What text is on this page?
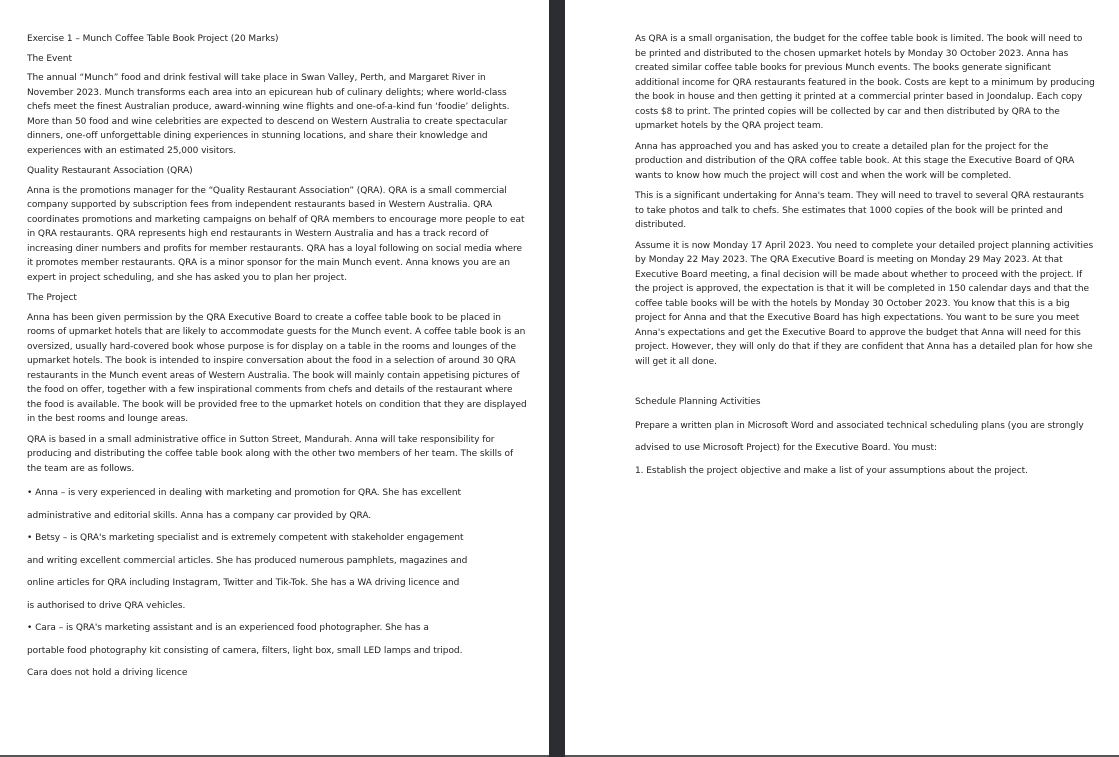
Exercise 1 – Munch Coffee Table Book Project (20 Marks)

The Event

The annual “Munch” food and drink festival will take place in Swan Valley, Perth, and Margaret River in November 2023. Munch transforms each area into an epicurean hub of culinary delights; where world-class chefs meet the finest Australian produce, award-winning wine flights and one-of-a-kind fun ‘foodie’ delights. More than 50 food and wine celebrities are expected to descend on Western Australia to create spectacular dinners, one-off unforgettable dining experiences in stunning locations, and share their knowledge and experiences with an estimated 25,000 visitors.

Quality Restaurant Association (QRA)

Anna is the promotions manager for the “Quality Restaurant Association” (QRA). QRA is a small commercial company supported by subscription fees from independent restaurants based in Western Australia. QRA coordinates promotions and marketing campaigns on behalf of QRA members to encourage more people to eat in QRA restaurants. QRA represents high end restaurants in Western Australia and has a track record of increasing diner numbers and profits for member restaurants. QRA has a loyal following on social media where it promotes member restaurants. QRA is a minor sponsor for the main Munch event. Anna knows you are an expert in project scheduling, and she has asked you to plan her project.

The Project

Anna has been given permission by the QRA Executive Board to create a coffee table book to be placed in rooms of upmarket hotels that are likely to accommodate guests for the Munch event. A coffee table book is an oversized, usually hard-covered book whose purpose is for display on a table in the rooms and lounges of the upmarket hotels. The book is intended to inspire conversation about the food in a selection of around 30 QRA restaurants in the Munch event areas of Western Australia. The book will mainly contain appetising pictures of the food on offer, together with a few inspirational comments from chefs and details of the restaurant where the food is available. The book will be provided free to the upmarket hotels on condition that they are displayed in the best rooms and lounge areas.

QRA is based in a small administrative office in Sutton Street, Mandurah. Anna will take responsibility for producing and distributing the coffee table book along with the other two members of her team. The skills of the team are as follows.

• Anna – is very experienced in dealing with marketing and promotion for QRA. She has excellent

administrative and editorial skills. Anna has a company car provided by QRA.

• Betsy – is QRA's marketing specialist and is extremely competent with stakeholder engagement

and writing excellent commercial articles. She has produced numerous pamphlets, magazines and

online articles for QRA including Instagram, Twitter and Tik-Tok. She has a WA driving licence and

is authorised to drive QRA vehicles.

• Cara – is QRA's marketing assistant and is an experienced food photographer. She has a

portable food photography kit consisting of camera, filters, light box, small LED lamps and tripod.

Cara does not hold a driving licence

As QRA is a small organisation, the budget for the coffee table book is limited. The book will need to be printed and distributed to the chosen upmarket hotels by Monday 30 October 2023. Anna has created similar coffee table books for previous Munch events. The books generate significant additional income for QRA restaurants featured in the book. Costs are kept to a minimum by producing the book in house and then getting it printed at a commercial printer based in Joondalup. Each copy costs $8 to print. The printed copies will be collected by car and then distributed by QRA to the upmarket hotels by the QRA project team.

Anna has approached you and has asked you to create a detailed plan for the project for the production and distribution of the QRA coffee table book. At this stage the Executive Board of QRA wants to know how much the project will cost and when the work will be completed.

This is a significant undertaking for Anna's team. They will need to travel to several QRA restaurants to take photos and talk to chefs. She estimates that 1000 copies of the book will be printed and distributed.

Assume it is now Monday 17 April 2023. You need to complete your detailed project planning activities by Monday 22 May 2023. The QRA Executive Board is meeting on Monday 29 May 2023. At that Executive Board meeting, a final decision will be made about whether to proceed with the project. If the project is approved, the expectation is that it will be completed in 150 calendar days and that the coffee table books will be with the hotels by Monday 30 October 2023. You know that this is a big project for Anna and that the Executive Board has high expectations. You want to be sure you meet Anna's expectations and get the Executive Board to approve the budget that Anna will need for this project. However, they will only do that if they are confident that Anna has a detailed plan for how she will get it all done.

Schedule Planning Activities

Prepare a written plan in Microsoft Word and associated technical scheduling plans (you are strongly

advised to use Microsoft Project) for the Executive Board. You must:

1. Establish the project objective and make a list of your assumptions about the project.
